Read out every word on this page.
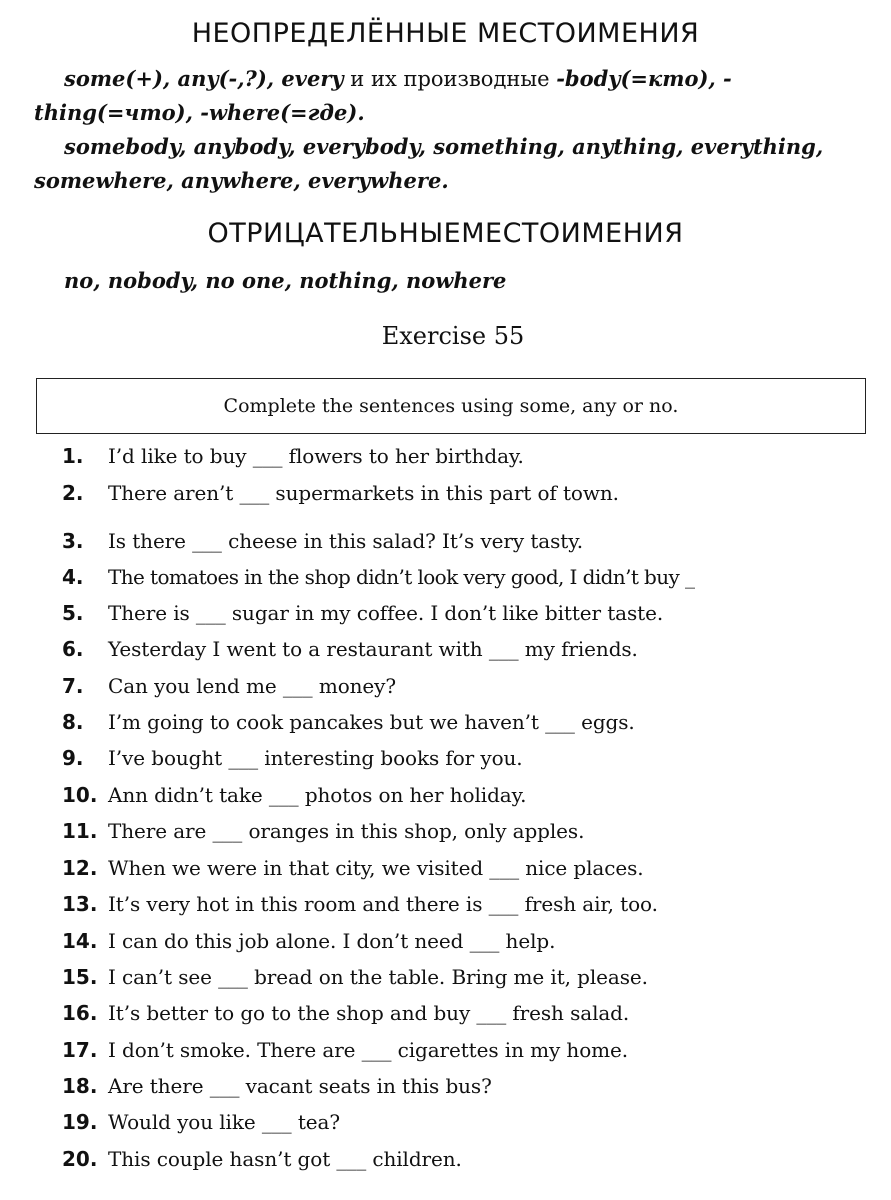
НЕОПРЕДЕЛЁННЫЕ МЕСТОИМЕНИЯ
some(+), any(-,?), every и их производные -body(=кто), -thing(=что), -where(=где).
somebody, anybody, everybody, something, anything, everything, somewhere, anywhere, everywhere.
ОТРИЦАТЕЛЬНЫЕМЕСТОИМЕНИЯ
no, nobody, no one, nothing, nowhere
Exercise 55
Complete the sentences using some, any or no.
1.	I’d like to buy ___ flowers to her birthday.
2.	There aren’t ___ supermarkets in this part of town.
3.	Is there ___ cheese in this salad? It’s very tasty.
4.	The tomatoes in the shop didn’t look very good, I didn’t buy _
5.	There is ___ sugar in my coffee. I don’t like bitter taste.
6.	Yesterday I went to a restaurant with ___ my friends.
7.	Can you lend me ___ money?
8.	I’m going to cook pancakes but we haven’t ___ eggs.
9.	I’ve bought ___ interesting books for you.
10. Ann didn’t take ___ photos on her holiday.
11. There are ___ oranges in this shop, only apples.
12. When we were in that city, we visited ___ nice places.
13. It’s very hot in this room and there is ___ fresh air, too.
14. I can do this job alone. I don’t need ___ help.
15. I can’t see ___ bread on the table. Bring me it, please.
16. It’s better to go to the shop and buy ___ fresh salad.
17. I don’t smoke. There are ___ cigarettes in my home.
18. Are there ___ vacant seats in this bus?
19. Would you like ___ tea?
20. This couple hasn’t got ___ children.
